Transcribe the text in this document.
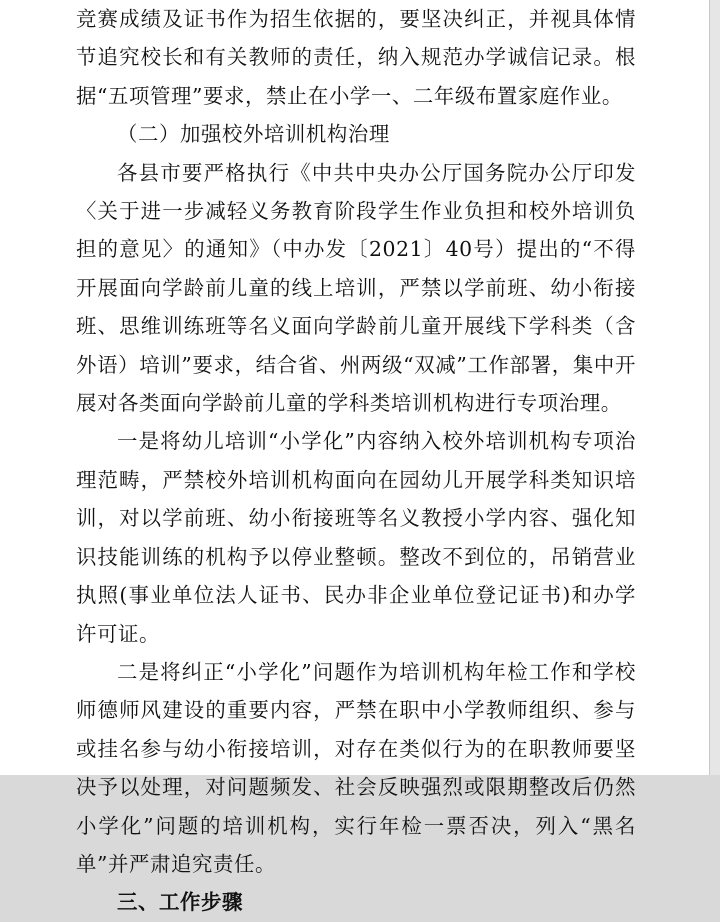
竞赛成绩及证书作为招生依据的，要坚决纠正，并视具体情节追究校长和有关教师的责任，纳入规范办学诚信记录。根据“五项管理”要求，禁止在小学一、二年级布置家庭作业。

（二）加强校外培训机构治理

各县市要严格执行《中共中央办公厅国务院办公厅印发〈关于进一步减轻义务教育阶段学生作业负担和校外培训负担的意见〉的通知》（中办发〔2021〕40号）提出的“不得开展面向学龄前儿童的线上培训，严禁以学前班、幼小衔接班、思维训练班等名义面向学龄前儿童开展线下学科类（含外语）培训”要求，结合省、州两级“双减”工作部署，集中开展对各类面向学龄前儿童的学科类培训机构进行专项治理。

一是将幼儿培训“小学化”内容纳入校外培训机构专项治理范畴，严禁校外培训机构面向在园幼儿开展学科类知识培训，对以学前班、幼小衔接班等名义教授小学内容、强化知识技能训练的机构予以停业整顿。整改不到位的，吊销营业执照(事业单位法人证书、民办非企业单位登记证书)和办学许可证。

二是将纠正“小学化”问题作为培训机构年检工作和学校师德师风建设的重要内容，严禁在职中小学教师组织、参与或挂名参与幼小衔接培训，对存在类似行为的在职教师要坚决予以处理，对问题频发、社会反映强烈或限期整改后仍然小学化”问题的培训机构，实行年检一票否决，列入“黑名单”并严肃追究责任。

三、工作步骤
